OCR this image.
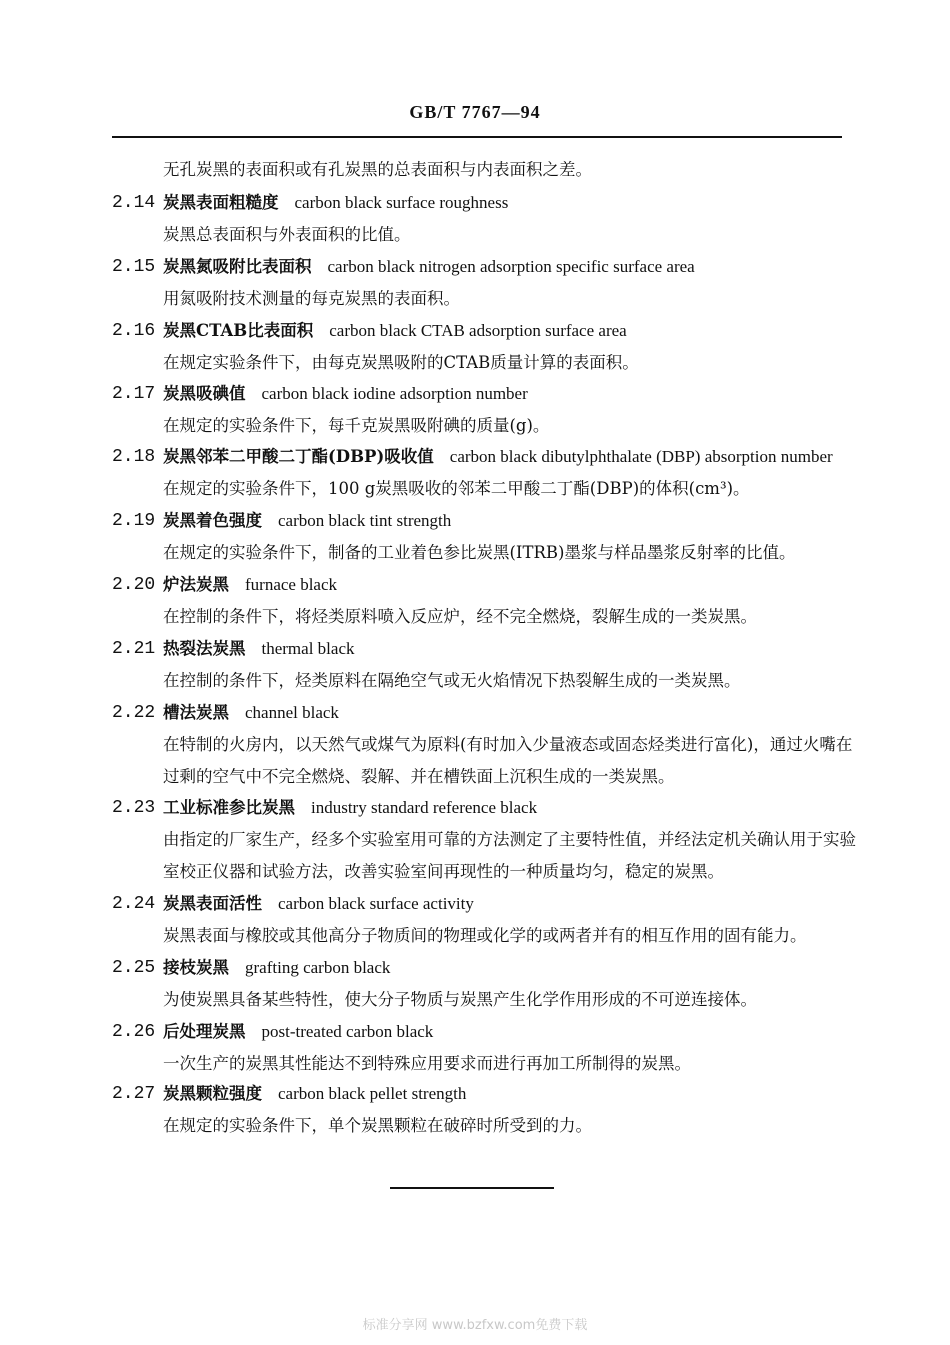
GB/T 7767—94
无孔炭黑的表面积或有孔炭黑的总表面积与内表面积之差。
2.14 炭黑表面粗糙度 carbon black surface roughness
炭黑总表面积与外表面积的比值。
2.15 炭黑氮吸附比表面积 carbon black nitrogen adsorption specific surface area
用氮吸附技术测量的每克炭黑的表面积。
2.16 炭黑CTAB比表面积 carbon black CTAB adsorption surface area
在规定实验条件下，由每克炭黑吸附的CTAB质量计算的表面积。
2.17 炭黑吸碘值 carbon black iodine adsorption number
在规定的实验条件下，每千克炭黑吸附碘的质量(g)。
2.18 炭黑邻苯二甲酸二丁酯(DBP)吸收值 carbon black dibutylphthalate (DBP) absorption number
在规定的实验条件下，100 g炭黑吸收的邻苯二甲酸二丁酯(DBP)的体积(cm³)。
2.19 炭黑着色强度 carbon black tint strength
在规定的实验条件下，制备的工业着色参比炭黑(ITRB)墨浆与样品墨浆反射率的比值。
2.20 炉法炭黑 furnace black
在控制的条件下，将烃类原料喷入反应炉，经不完全燃烧，裂解生成的一类炭黑。
2.21 热裂法炭黑 thermal black
在控制的条件下，烃类原料在隔绝空气或无火焰情况下热裂解生成的一类炭黑。
2.22 槽法炭黑 channel black
在特制的火房内，以天然气或煤气为原料(有时加入少量液态或固态烃类进行富化)，通过火嘴在
过剩的空气中不完全燃烧、裂解、并在槽铁面上沉积生成的一类炭黑。
2.23 工业标准参比炭黑 industry standard reference black
由指定的厂家生产，经多个实验室用可靠的方法测定了主要特性值，并经法定机关确认用于实验
室校正仪器和试验方法，改善实验室间再现性的一种质量均匀，稳定的炭黑。
2.24 炭黑表面活性 carbon black surface activity
炭黑表面与橡胶或其他高分子物质间的物理或化学的或两者并有的相互作用的固有能力。
2.25 接枝炭黑 grafting carbon black
为使炭黑具备某些特性，使大分子物质与炭黑产生化学作用形成的不可逆连接体。
2.26 后处理炭黑 post-treated carbon black
一次生产的炭黑其性能达不到特殊应用要求而进行再加工所制得的炭黑。
2.27 炭黑颗粒强度 carbon black pellet strength
在规定的实验条件下，单个炭黑颗粒在破碎时所受到的力。
标准分享网 www.bzfxw.com免费下载
